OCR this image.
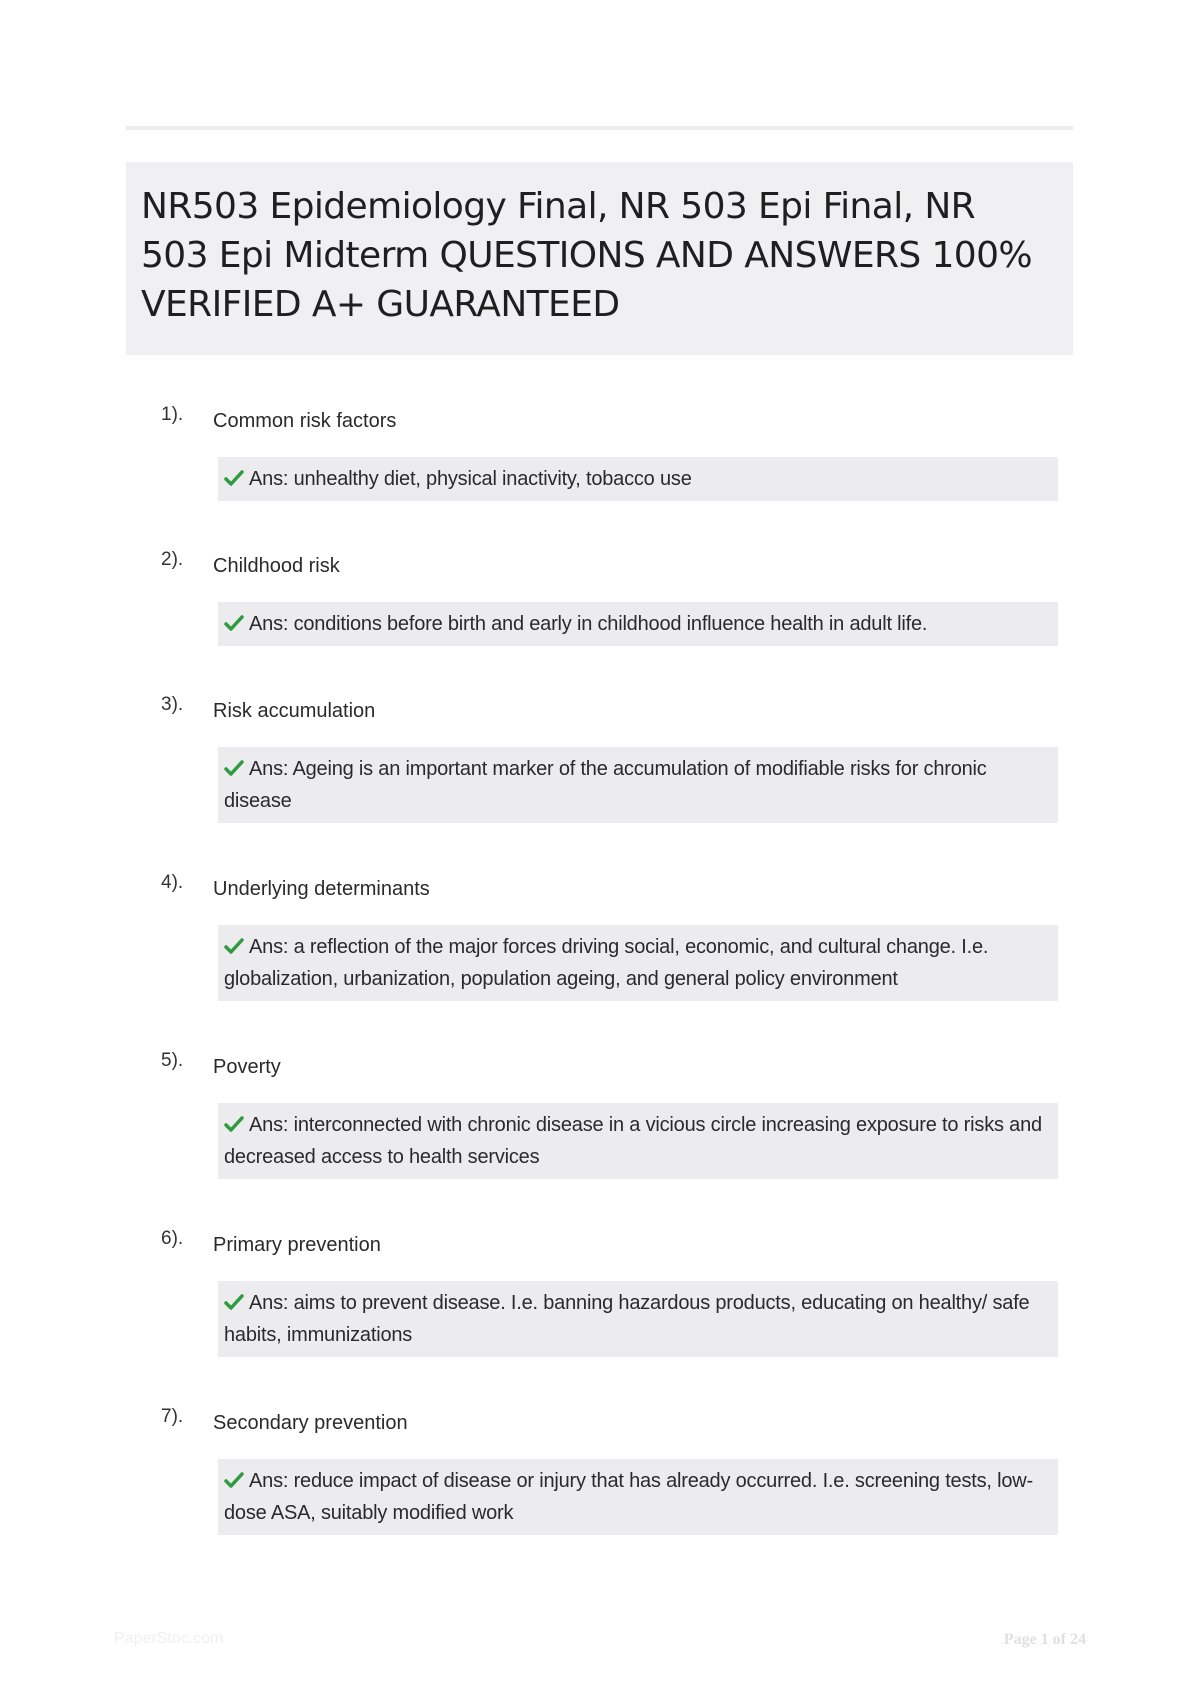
NR503 Epidemiology Final, NR 503 Epi Final, NR 503 Epi Midterm QUESTIONS AND ANSWERS 100% VERIFIED A+ GUARANTEED
1). Common risk factors
Ans: unhealthy diet, physical inactivity, tobacco use
2). Childhood risk
Ans: conditions before birth and early in childhood influence health in adult life.
3). Risk accumulation
Ans: Ageing is an important marker of the accumulation of modifiable risks for chronic disease
4). Underlying determinants
Ans: a reflection of the major forces driving social, economic, and cultural change. I.e. globalization, urbanization, population ageing, and general policy environment
5). Poverty
Ans: interconnected with chronic disease in a vicious circle increasing exposure to risks and decreased access to health services
6). Primary prevention
Ans: aims to prevent disease. I.e. banning hazardous products, educating on healthy/ safe habits, immunizations
7). Secondary prevention
Ans: reduce impact of disease or injury that has already occurred. I.e. screening tests, low-dose ASA, suitably modified work
PaperStoc.com	Page 1 of 24
